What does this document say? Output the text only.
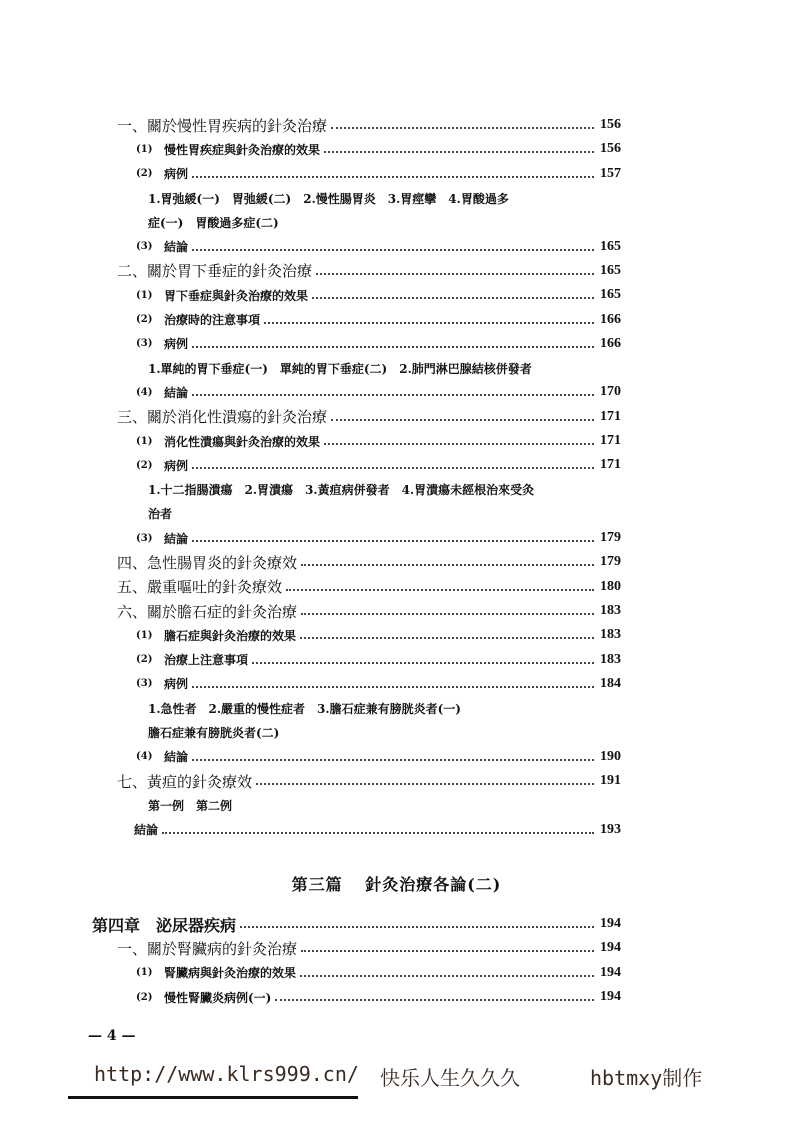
一、關於慢性胃疾病的針灸治療	156
(1) 慢性胃疾症與針灸治療的效果	156
(2) 病例	157
1.胃弛緩(一)　胃弛緩(二)　2.慢性腸胃炎　3.胃痙攣　4.胃酸過多
症(一)　胃酸過多症(二)
(3) 結論	165
二、關於胃下垂症的針灸治療	165
(1) 胃下垂症與針灸治療的效果	165
(2) 治療時的注意事項	166
(3) 病例	166
1.單純的胃下垂症(一)　單純的胃下垂症(二)　2.肺門淋巴腺結核併發者
(4) 結論	170
三、關於消化性潰瘍的針灸治療	171
(1) 消化性潰瘍與針灸治療的效果	171
(2) 病例	171
1.十二指腸潰瘍　2.胃潰瘍　3.黃疸病併發者　4.胃潰瘍未經根治來受灸
治者
(3) 結論	179
四、急性腸胃炎的針灸療效	179
五、嚴重嘔吐的針灸療效	180
六、關於膽石症的針灸治療	183
(1) 膽石症與針灸治療的效果	183
(2) 治療上注意事項	183
(3) 病例	184
1.急性者　2.嚴重的慢性症者　3.膽石症兼有膀胱炎者(一)
膽石症兼有膀胱炎者(二)
(4) 結論	190
七、黃疸的針灸療效	191
第一例　第二例
結論	193
第三篇 針灸治療各論(二)
第四章　泌尿器疾病	194
一、關於腎臟病的針灸治療	194
(1) 腎臟病與針灸治療的效果	194
(2) 慢性腎臟炎病例(一)	194
— 4 —
http://www.klrs999.cn/ 快乐人生久久久	hbtmxy制作
